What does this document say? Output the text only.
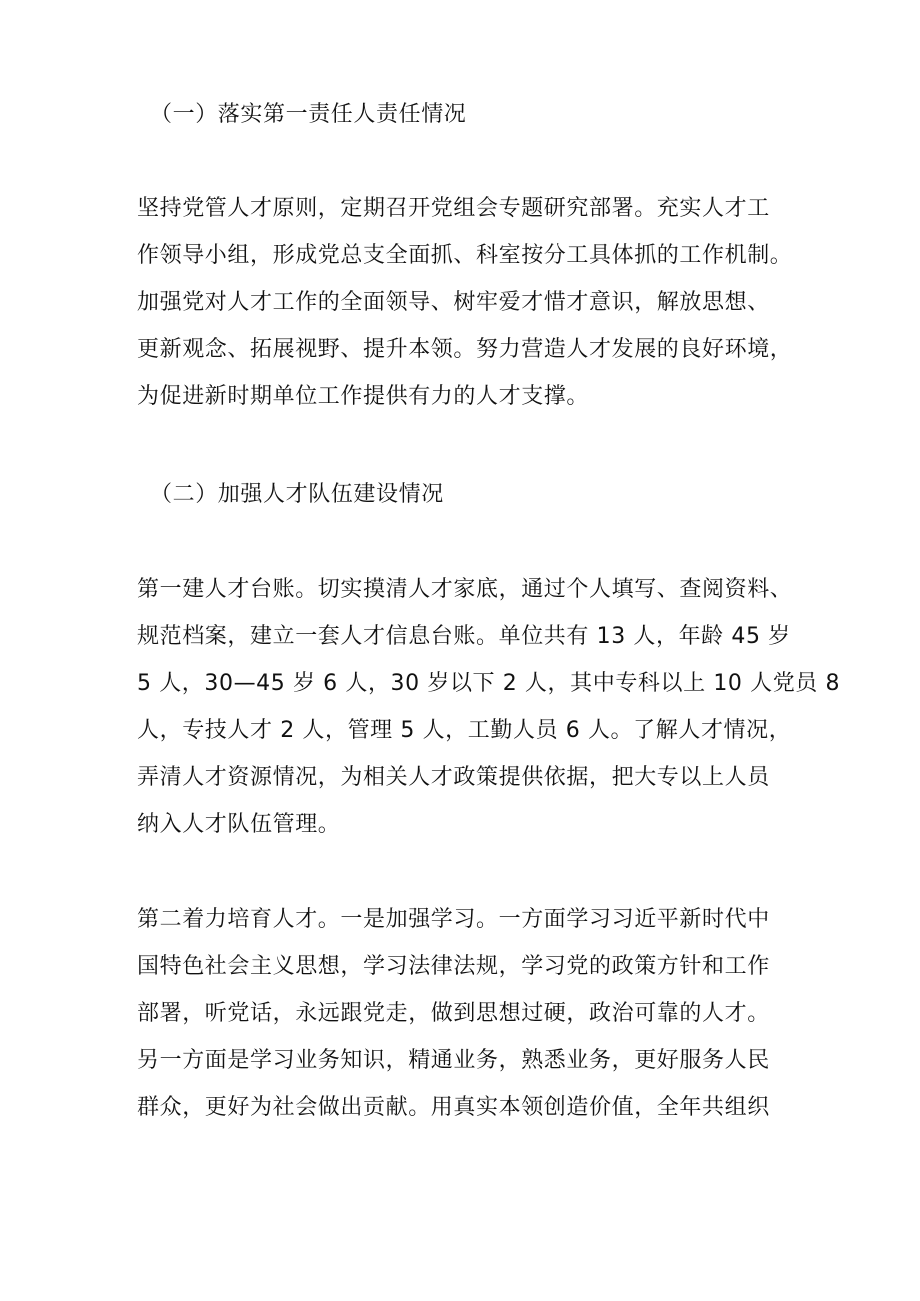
（一）落实第一责任人责任情况
坚持党管人才原则，定期召开党组会专题研究部署。充实人才工
作领导小组，形成党总支全面抓、科室按分工具体抓的工作机制。
加强党对人才工作的全面领导、树牢爱才惜才意识，解放思想、
更新观念、拓展视野、提升本领。努力营造人才发展的良好环境，
为促进新时期单位工作提供有力的人才支撑。
（二）加强人才队伍建设情况
第一建人才台账。切实摸清人才家底，通过个人填写、查阅资料、
规范档案，建立一套人才信息台账。单位共有 13 人，年龄 45 岁
5 人，30—45 岁 6 人，30 岁以下 2 人，其中专科以上 10 人党员 8
人，专技人才 2 人，管理 5 人，工勤人员 6 人。了解人才情况，
弄清人才资源情况，为相关人才政策提供依据，把大专以上人员
纳入人才队伍管理。
第二着力培育人才。一是加强学习。一方面学习习近平新时代中
国特色社会主义思想，学习法律法规，学习党的政策方针和工作
部署，听党话，永远跟党走，做到思想过硬，政治可靠的人才。
另一方面是学习业务知识，精通业务，熟悉业务，更好服务人民
群众，更好为社会做出贡献。用真实本领创造价值，全年共组织
